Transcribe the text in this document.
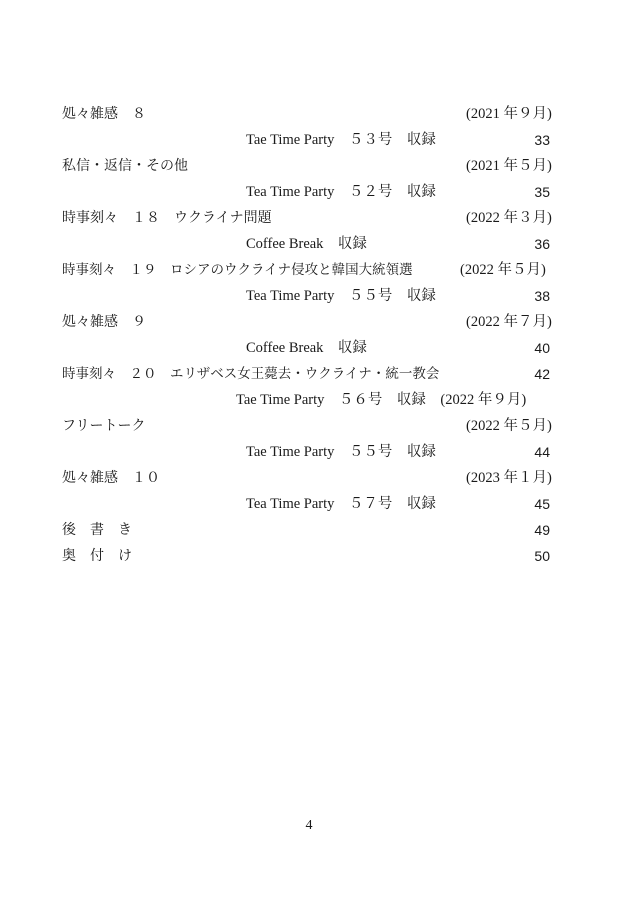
処々雑感　８	(2021 年９月)
Tae Time Party　５３号　収録	33
私信・返信・その他	(2021 年５月)
Tea Time Party　５２号　収録	35
時事刻々　１８　ウクライナ問題	(2022 年３月)
Coffee Break　収録	36
時事刻々　１９　ロシアのウクライナ侵攻と韓国大統領選	(2022 年５月)
Tea Time Party　５５号　収録	38
処々雑感　９	(2022 年７月)
Coffee Break　収録	40
時事刻々　２０　エリザベス女王薨去・ウクライナ・統一教会	42
Tae Time Party　５６号　収録　(2022 年９月)
フリートーク	(2022 年５月)
Tae Time Party　５５号　収録	44
処々雑感　１０	(2023 年１月)
Tea Time Party　５７号　収録	45
後　書　き	49
奥　付　け	50
4
